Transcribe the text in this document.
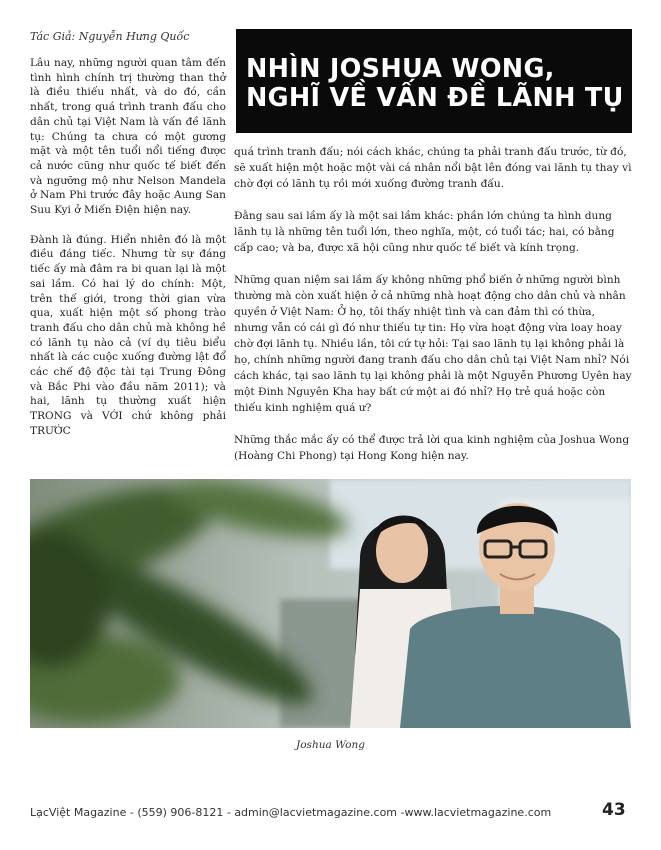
Tác Giả: Nguyễn Hưng Quốc

Lâu nay, những người quan tâm đến tình hình chính trị thường than thở là điều thiếu nhất, và do đó, cần nhất, trong quá trình tranh đấu cho dân chủ tại Việt Nam là vấn đề lãnh tụ: Chúng ta chưa có một gương mặt và một tên tuổi nổi tiếng được cả nước cũng như quốc tế biết đến và ngưỡng mộ như Nelson Mandela ở Nam Phi trước đây hoặc Aung San Suu Kyi ở Miến Điện hiện nay.

Đành là đúng. Hiển nhiên đó là một điều đáng tiếc. Nhưng từ sự đáng tiếc ấy mà đâm ra bi quan lại là một sai lầm. Có hai lý do chính: Một, trên thế giới, trong thời gian vừa qua, xuất hiện một số phong trào tranh đấu cho dân chủ mà không hề có lãnh tụ nào cả (ví dụ tiêu biểu nhất là các cuộc xuống đường lật đổ các chế độ độc tài tại Trung Đông và Bắc Phi vào đầu năm 2011); và hai, lãnh tụ thường xuất hiện TRONG và VỚI chứ không phải TRƯỚC

NHÌN JOSHUA WONG,
NGHĨ VỀ VẤN ĐỀ LÃNH TỤ

quá trình tranh đấu; nói cách khác, chúng ta phải tranh đấu trước, từ đó, sẽ xuất hiện một hoặc một vài cá nhân nổi bật lên đóng vai lãnh tụ thay vì chờ đợi có lãnh tụ rồi mới xuống đường tranh đấu.

Đằng sau sai lầm ấy là một sai lầm khác: phần lớn chúng ta hình dung lãnh tụ là những tên tuổi lớn, theo nghĩa, một, có tuổi tác; hai, có bằng cấp cao; và ba, được xã hội cũng như quốc tế biết và kính trọng.

Những quan niệm sai lầm ấy không những phổ biến ở những người bình thường mà còn xuất hiện ở cả những nhà hoạt động cho dân chủ và nhân quyền ở Việt Nam: Ở họ, tôi thấy nhiệt tình và can đảm thì có thừa, nhưng vẫn có cái gì đó như thiếu tự tin: Họ vừa hoạt động vừa loay hoay chờ đợi lãnh tụ. Nhiều lần, tôi cứ tự hỏi: Tại sao lãnh tụ lại không phải là họ, chính những người đang tranh đấu cho dân chủ tại Việt Nam nhỉ? Nói cách khác, tại sao lãnh tụ lại không phải là một Nguyễn Phương Uyên hay một Đinh Nguyên Kha hay bất cứ một ai đó nhỉ? Họ trẻ quá hoặc còn thiếu kinh nghiệm quá ư?

Những thắc mắc ấy có thể được trả lời qua kinh nghiệm của Joshua Wong (Hoàng Chi Phong) tại Hong Kong hiện nay.

Joshua Wong
LạcViệt Magazine - (559) 906-8121 - admin@lacvietmagazine.com -www.lacvietmagazine.com	43
